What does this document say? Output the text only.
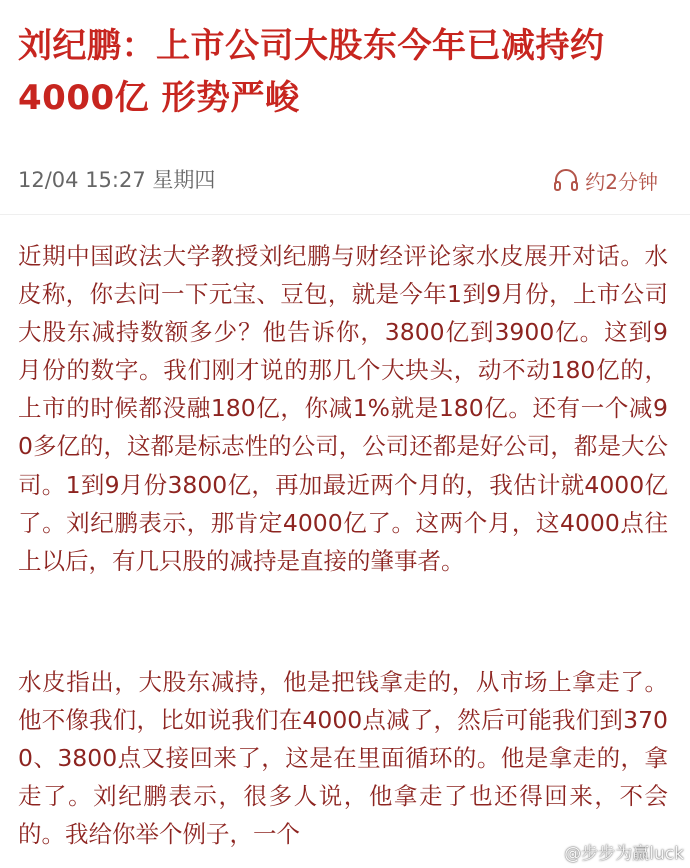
刘纪鹏：上市公司大股东今年已减持约4000亿 形势严峻
12/04 15:27 星期四	约2分钟

近期中国政法大学教授刘纪鹏与财经评论家水皮展开对话。水皮称，你去问一下元宝、豆包，就是今年1到9月份，上市公司大股东减持数额多少？他告诉你，3800亿到3900亿。这到9月份的数字。我们刚才说的那几个大块头，动不动180亿的，上市的时候都没融180亿，你减1%就是180亿。还有一个减90多亿的，这都是标志性的公司，公司还都是好公司，都是大公司。1到9月份3800亿，再加最近两个月的，我估计就4000亿了。刘纪鹏表示，那肯定4000亿了。这两个月，这4000点往上以后，有几只股的减持是直接的肇事者。

水皮指出，大股东减持，他是把钱拿走的，从市场上拿走了。他不像我们，比如说我们在4000点减了，然后可能我们到3700、3800点又接回来了，这是在里面循环的。他是拿走的，拿走了。刘纪鹏表示，很多人说，他拿走了也还得回来，不会的。我给你举个例子，一个

@步步为赢luck
